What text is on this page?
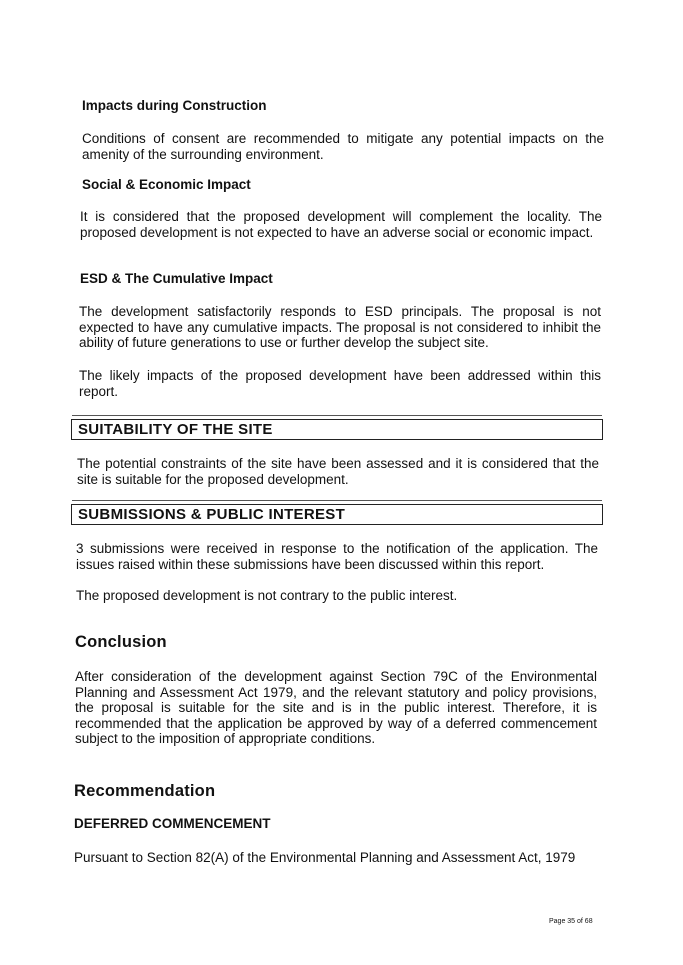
Impacts during Construction

Conditions of consent are recommended to mitigate any potential impacts on the amenity of the surrounding environment.

Social & Economic Impact

It is considered that the proposed development will complement the locality. The proposed development is not expected to have an adverse social or economic impact.

ESD & The Cumulative Impact

The development satisfactorily responds to ESD principals. The proposal is not expected to have any cumulative impacts. The proposal is not considered to inhibit the ability of future generations to use or further develop the subject site.

The likely impacts of the proposed development have been addressed within this report.

SUITABILITY OF THE SITE

The potential constraints of the site have been assessed and it is considered that the site is suitable for the proposed development.

SUBMISSIONS & PUBLIC INTEREST

3 submissions were received in response to the notification of the application. The issues raised within these submissions have been discussed within this report.

The proposed development is not contrary to the public interest.

Conclusion

After consideration of the development against Section 79C of the Environmental Planning and Assessment Act 1979, and the relevant statutory and policy provisions, the proposal is suitable for the site and is in the public interest. Therefore, it is recommended that the application be approved by way of a deferred commencement subject to the imposition of appropriate conditions.

Recommendation
DEFERRED COMMENCEMENT

Pursuant to Section 82(A) of the Environmental Planning and Assessment Act, 1979

Page 35 of 68
